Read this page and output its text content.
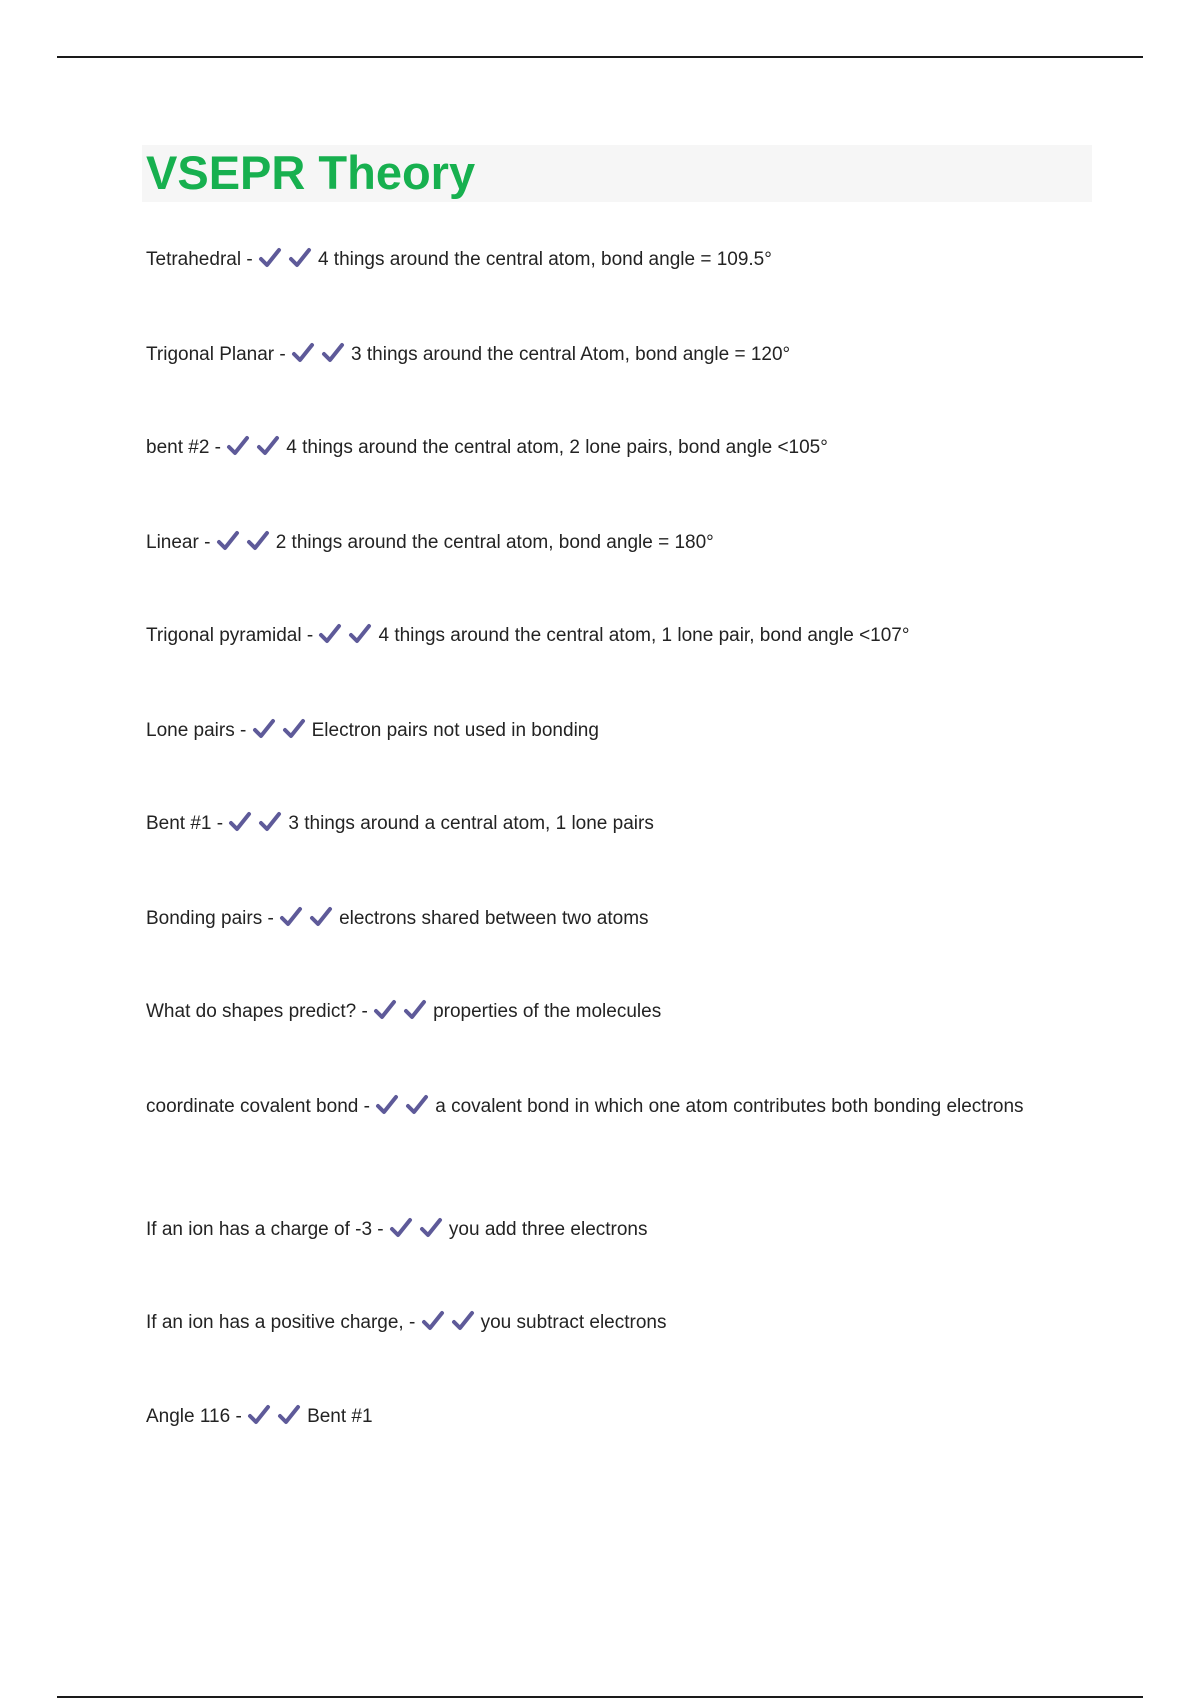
VSEPR Theory
Tetrahedral -	4 things around the central atom, bond angle = 109.5°
Trigonal Planar -	3 things around the central Atom, bond angle = 120°
bent #2 -	4 things around the central atom, 2 lone pairs, bond angle <105°
Linear -	2 things around the central atom, bond angle = 180°
Trigonal pyramidal -	4 things around the central atom, 1 lone pair, bond angle <107°
Lone pairs -	Electron pairs not used in bonding
Bent #1 -	3 things around a central atom, 1 lone pairs
Bonding pairs -	electrons shared between two atoms
What do shapes predict? -	properties of the molecules
coordinate covalent bond -	a covalent bond in which one atom contributes both bonding electrons
If an ion has a charge of -3 -	you add three electrons
If an ion has a positive charge, -	you subtract electrons
Angle 116 -	Bent #1
